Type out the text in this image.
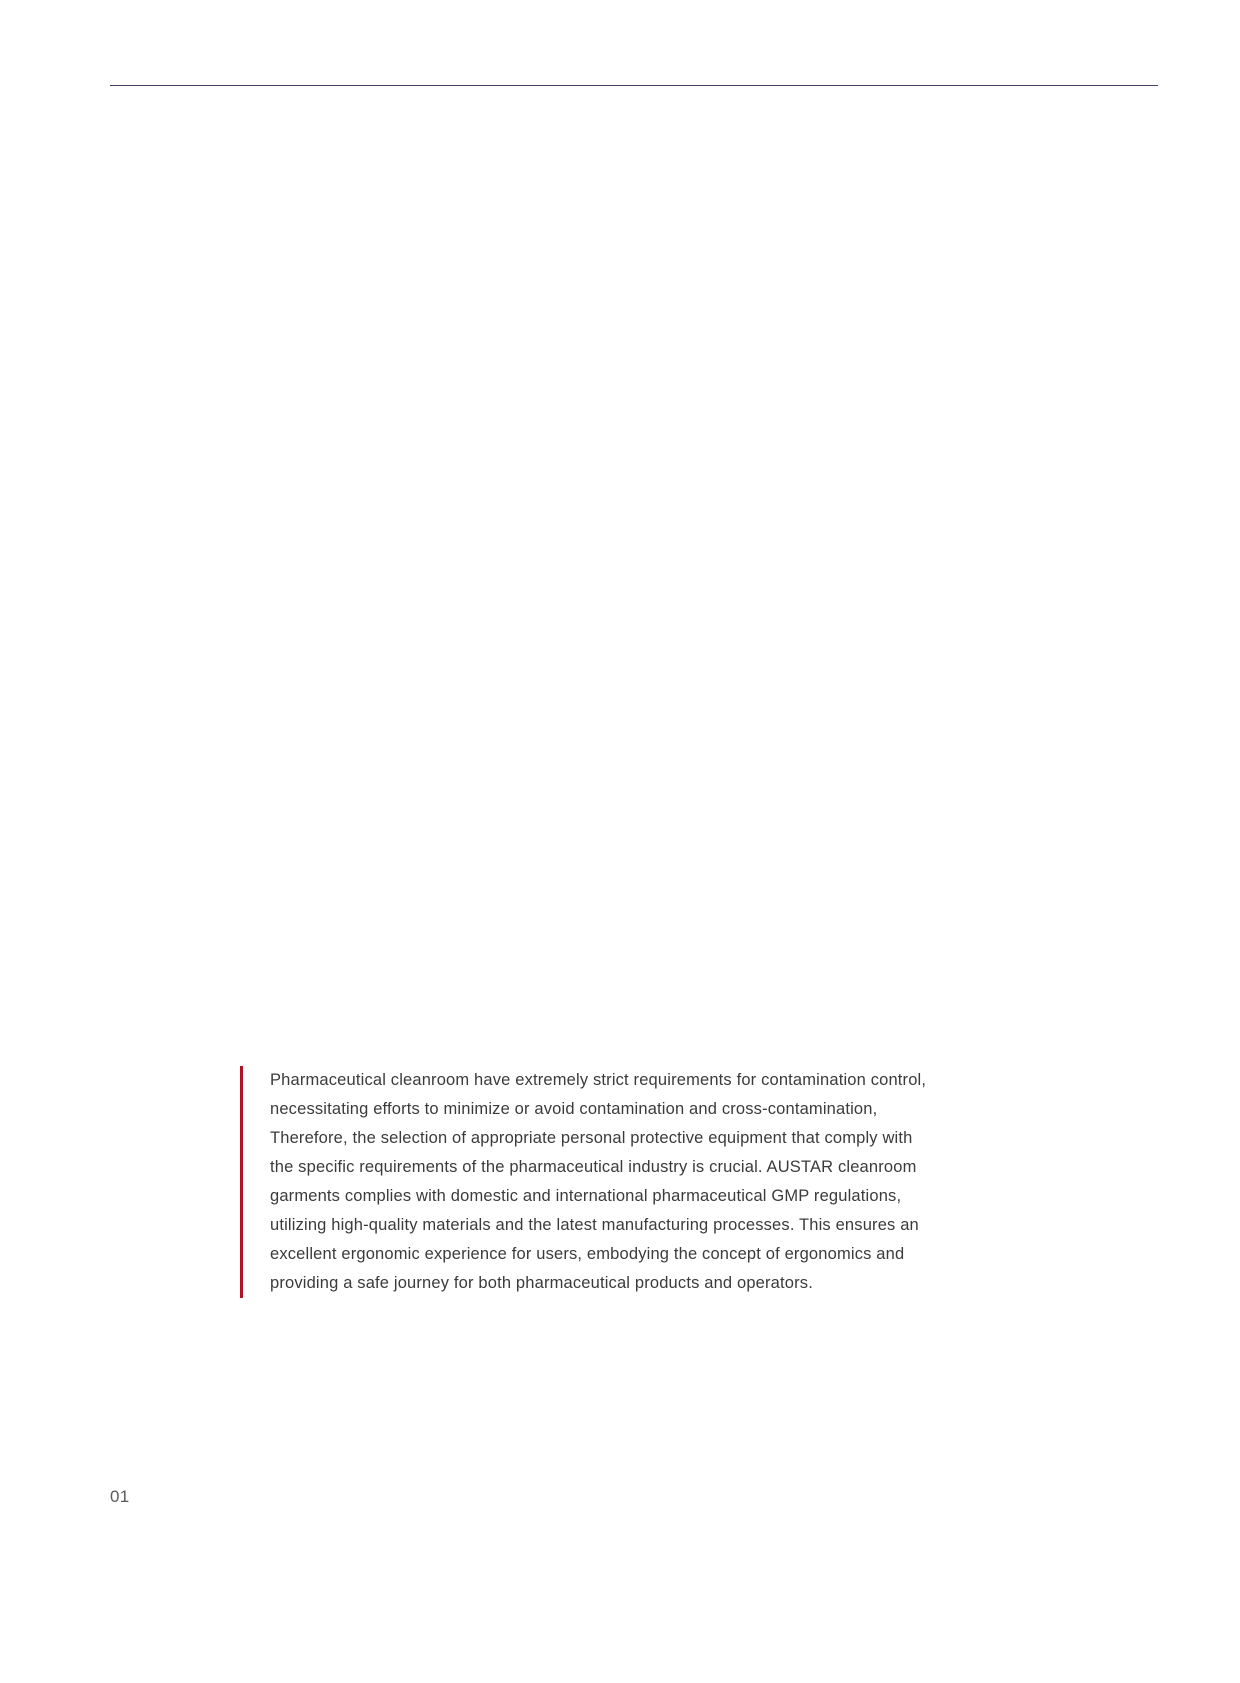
Pharmaceutical cleanroom have extremely strict requirements for contamination control, necessitating efforts to minimize or avoid contamination and cross-contamination, Therefore, the selection of appropriate personal protective equipment that comply with the specific requirements of the pharmaceutical industry is crucial. AUSTAR cleanroom garments complies with domestic and international pharmaceutical GMP regulations, utilizing high-quality materials and the latest manufacturing processes. This ensures an excellent ergonomic experience for users, embodying the concept of ergonomics and providing a safe journey for both pharmaceutical products and operators.
01
